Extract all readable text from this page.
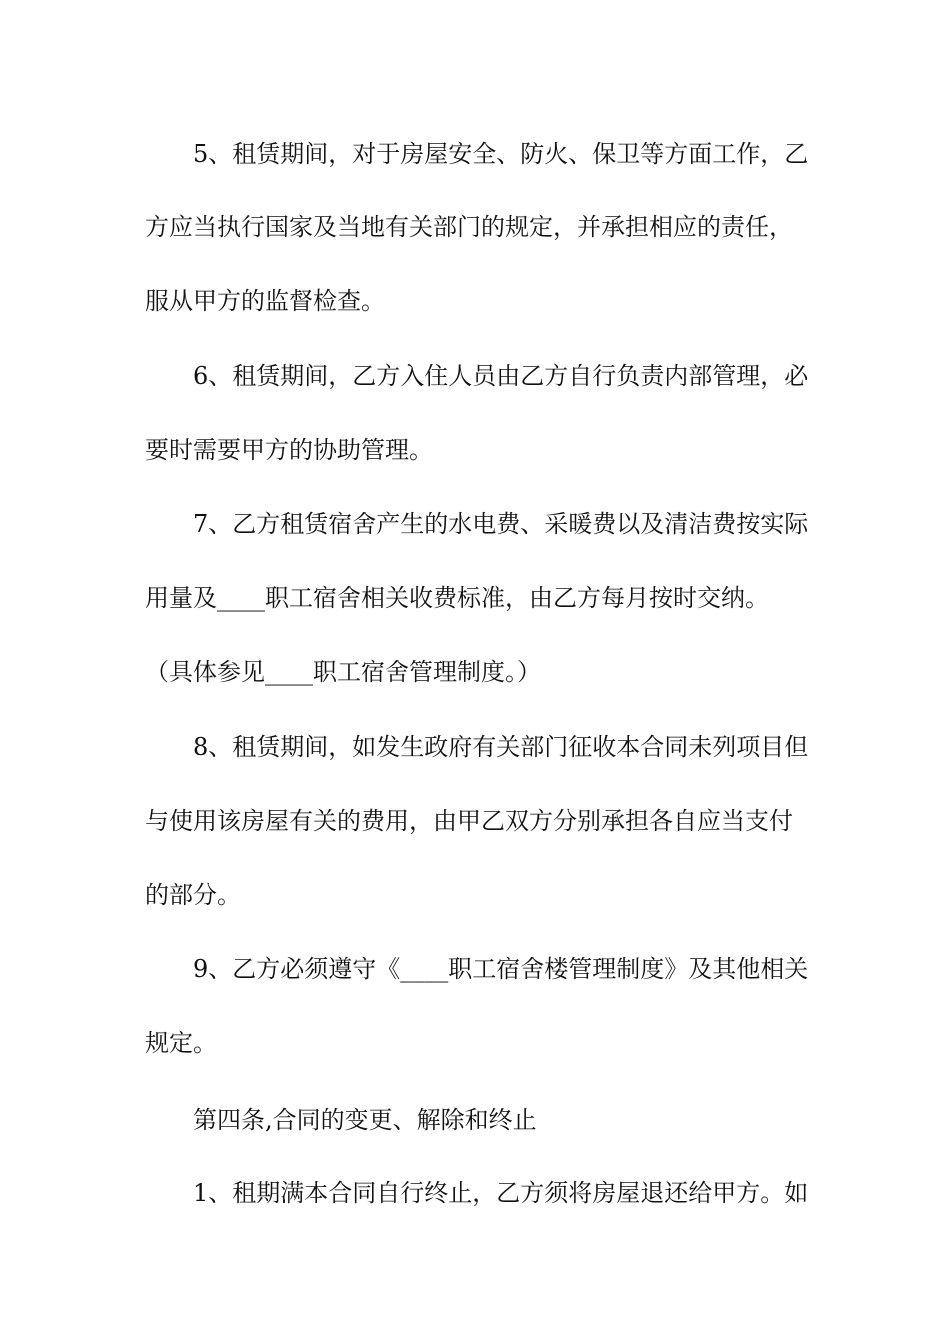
5、租赁期间，对于房屋安全、防火、保卫等方面工作，乙
方应当执行国家及当地有关部门的规定，并承担相应的责任，
服从甲方的监督检查。
6、租赁期间，乙方入住人员由乙方自行负责内部管理，必
要时需要甲方的协助管理。
7、乙方租赁宿舍产生的水电费、采暖费以及清洁费按实际
用量及____职工宿舍相关收费标准，由乙方每月按时交纳。
（具体参见____职工宿舍管理制度。）
8、租赁期间，如发生政府有关部门征收本合同未列项目但
与使用该房屋有关的费用，由甲乙双方分别承担各自应当支付
的部分。
9、乙方必须遵守《____职工宿舍楼管理制度》及其他相关
规定。
第四条,合同的变更、解除和终止
1、租期满本合同自行终止，乙方须将房屋退还给甲方。如
